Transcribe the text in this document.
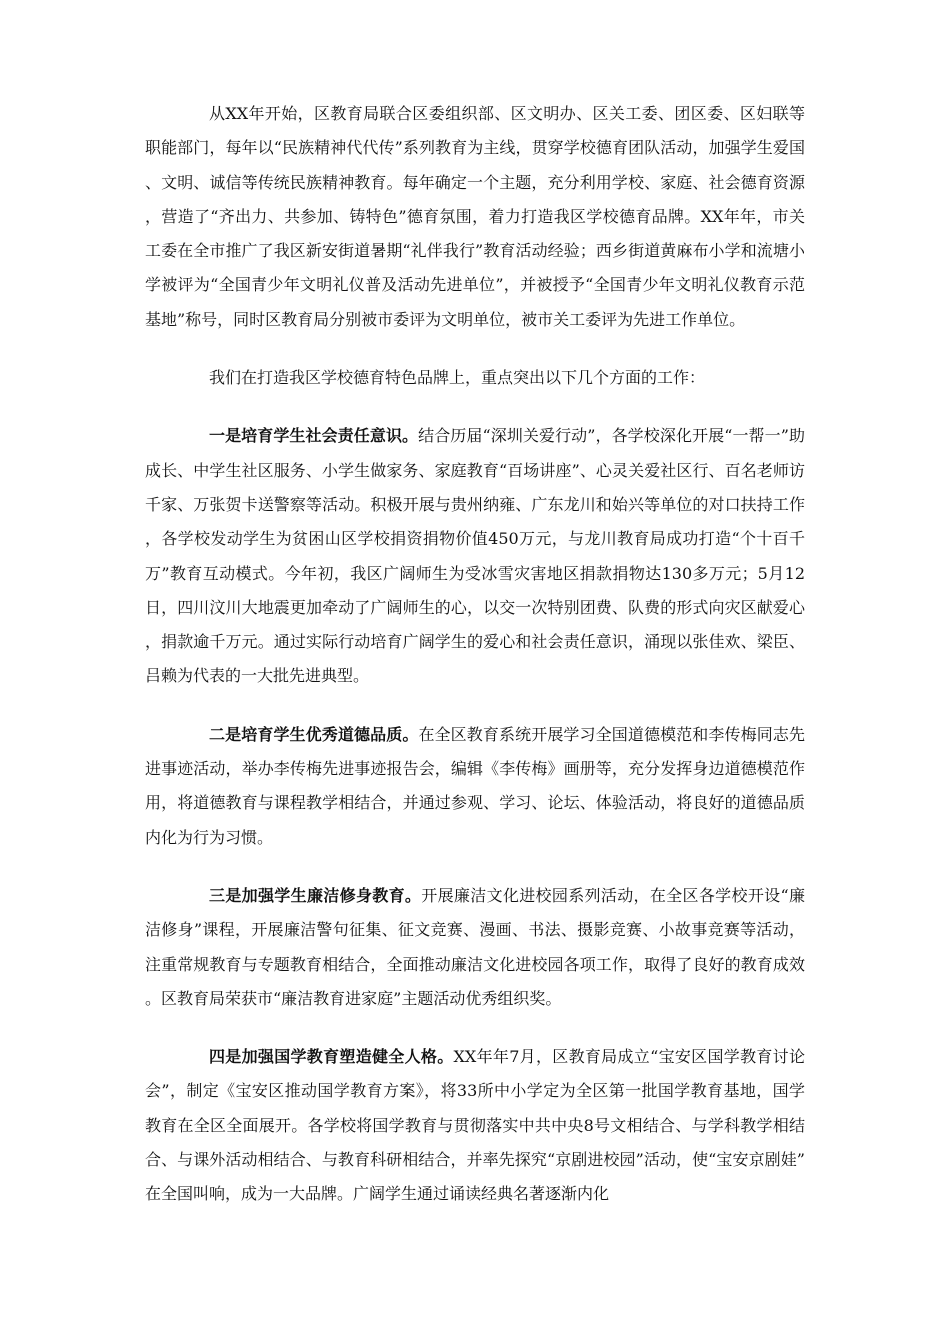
从XX年开始，区教育局联合区委组织部、区文明办、区关工委、团区委、区妇联等职能部门，每年以“民族精神代代传”系列教育为主线，贯穿学校德育团队活动，加强学生爱国、文明、诚信等传统民族精神教育。每年确定一个主题，充分利用学校、家庭、社会德育资源，营造了“齐出力、共参加、铸特色”德育氛围，着力打造我区学校德育品牌。XX年年，市关工委在全市推广了我区新安街道暑期“礼伴我行”教育活动经验；西乡街道黄麻布小学和流塘小学被评为“全国青少年文明礼仪普及活动先进单位”，并被授予“全国青少年文明礼仪教育示范基地”称号，同时区教育局分别被市委评为文明单位，被市关工委评为先进工作单位。

我们在打造我区学校德育特色品牌上，重点突出以下几个方面的工作：

一是培育学生社会责任意识。结合历届“深圳关爱行动”，各学校深化开展“一帮一”助成长、中学生社区服务、小学生做家务、家庭教育“百场讲座”、心灵关爱社区行、百名老师访千家、万张贺卡送警察等活动。积极开展与贵州纳雍、广东龙川和始兴等单位的对口扶持工作，各学校发动学生为贫困山区学校捐资捐物价值450万元，与龙川教育局成功打造“个十百千万”教育互动模式。今年初，我区广阔师生为受冰雪灾害地区捐款捐物达130多万元；5月12日，四川汶川大地震更加牵动了广阔师生的心，以交一次特别团费、队费的形式向灾区献爱心，捐款逾千万元。通过实际行动培育广阔学生的爱心和社会责任意识，涌现以张佳欢、梁臣、吕赖为代表的一大批先进典型。

二是培育学生优秀道德品质。在全区教育系统开展学习全国道德模范和李传梅同志先进事迹活动，举办李传梅先进事迹报告会，编辑《李传梅》画册等，充分发挥身边道德模范作用，将道德教育与课程教学相结合，并通过参观、学习、论坛、体验活动，将良好的道德品质内化为行为习惯。

三是加强学生廉洁修身教育。开展廉洁文化进校园系列活动，在全区各学校开设“廉洁修身”课程，开展廉洁警句征集、征文竞赛、漫画、书法、摄影竞赛、小故事竞赛等活动，注重常规教育与专题教育相结合，全面推动廉洁文化进校园各项工作，取得了良好的教育成效。区教育局荣获市“廉洁教育进家庭”主题活动优秀组织奖。

四是加强国学教育塑造健全人格。XX年年7月，区教育局成立“宝安区国学教育讨论会”，制定《宝安区推动国学教育方案》，将33所中小学定为全区第一批国学教育基地，国学教育在全区全面展开。各学校将国学教育与贯彻落实中共中央8号文相结合、与学科教学相结合、与课外活动相结合、与教育科研相结合，并率先探究“京剧进校园”活动，使“宝安京剧娃”在全国叫响，成为一大品牌。广阔学生通过诵读经典名著逐渐内化
